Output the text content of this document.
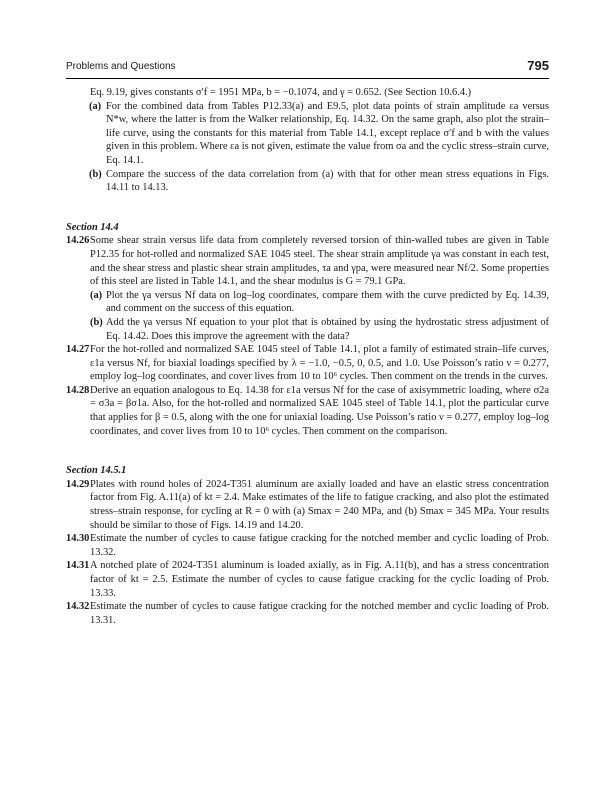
Problems and Questions	795
Eq. 9.19, gives constants σ′f = 1951 MPa, b = −0.1074, and γ = 0.652. (See Section 10.6.4.)
(a) For the combined data from Tables P12.33(a) and E9.5, plot data points of strain amplitude εa versus N*w, where the latter is from the Walker relationship, Eq. 14.32. On the same graph, also plot the strain–life curve, using the constants for this material from Table 14.1, except replace σ′f and b with the values given in this problem. Where εa is not given, estimate the value from σa and the cyclic stress–strain curve, Eq. 14.1.
(b) Compare the success of the data correlation from (a) with that for other mean stress equations in Figs. 14.11 to 14.13.
Section 14.4
14.26 Some shear strain versus life data from completely reversed torsion of thin-walled tubes are given in Table P12.35 for hot-rolled and normalized SAE 1045 steel. The shear strain amplitude γa was constant in each test, and the shear stress and plastic shear strain amplitudes, τa and γpa, were measured near Nf/2. Some properties of this steel are listed in Table 14.1, and the shear modulus is G = 79.1 GPa.
(a) Plot the γa versus Nf data on log–log coordinates, compare them with the curve predicted by Eq. 14.39, and comment on the success of this equation.
(b) Add the γa versus Nf equation to your plot that is obtained by using the hydrostatic stress adjustment of Eq. 14.42. Does this improve the agreement with the data?
14.27 For the hot-rolled and normalized SAE 1045 steel of Table 14.1, plot a family of estimated strain–life curves, ε1a versus Nf, for biaxial loadings specified by λ = −1.0, −0.5, 0, 0.5, and 1.0. Use Poisson’s ratio ν = 0.277, employ log–log coordinates, and cover lives from 10 to 10⁶ cycles. Then comment on the trends in the curves.
14.28 Derive an equation analogous to Eq. 14.38 for ε1a versus Nf for the case of axisymmetric loading, where σ2a = σ3a = βσ1a. Also, for the hot-rolled and normalized SAE 1045 steel of Table 14.1, plot the particular curve that applies for β = 0.5, along with the one for uniaxial loading. Use Poisson’s ratio ν = 0.277, employ log–log coordinates, and cover lives from 10 to 10⁶ cycles. Then comment on the comparison.
Section 14.5.1
14.29 Plates with round holes of 2024-T351 aluminum are axially loaded and have an elastic stress concentration factor from Fig. A.11(a) of kt = 2.4. Make estimates of the life to fatigue cracking, and also plot the estimated stress–strain response, for cycling at R = 0 with (a) Smax = 240 MPa, and (b) Smax = 345 MPa. Your results should be similar to those of Figs. 14.19 and 14.20.
14.30 Estimate the number of cycles to cause fatigue cracking for the notched member and cyclic loading of Prob. 13.32.
14.31 A notched plate of 2024-T351 aluminum is loaded axially, as in Fig. A.11(b), and has a stress concentration factor of kt = 2.5. Estimate the number of cycles to cause fatigue cracking for the cyclic loading of Prob. 13.33.
14.32 Estimate the number of cycles to cause fatigue cracking for the notched member and cyclic loading of Prob. 13.31.
